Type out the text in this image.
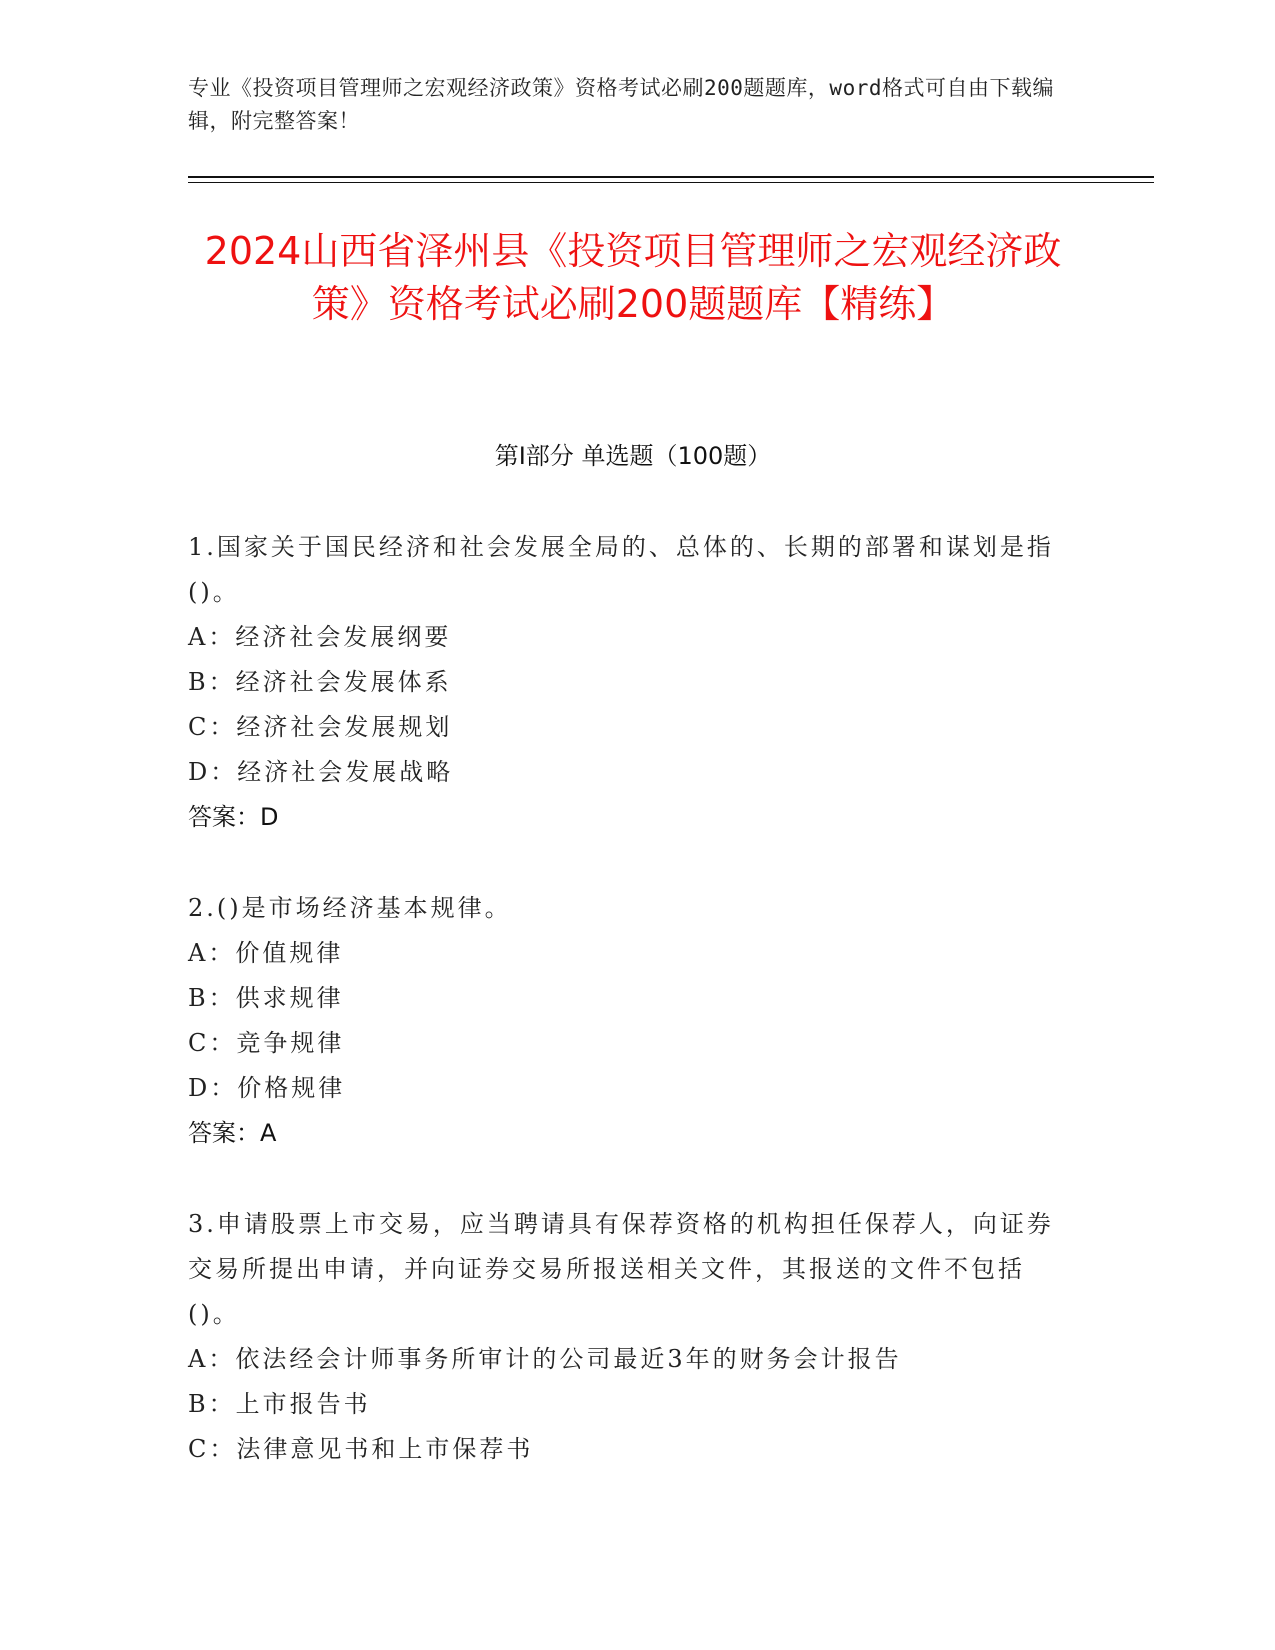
专业《投资项目管理师之宏观经济政策》资格考试必刷200题题库，word格式可自由下载编辑，附完整答案！
2024山西省泽州县《投资项目管理师之宏观经济政策》资格考试必刷200题题库【精练】
第Ⅰ部分 单选题（100题）
1.国家关于国民经济和社会发展全局的、总体的、长期的部署和谋划是指()。
A：经济社会发展纲要
B：经济社会发展体系
C：经济社会发展规划
D：经济社会发展战略
答案：D
2.()是市场经济基本规律。
A：价值规律
B：供求规律
C：竞争规律
D：价格规律
答案：A
3.申请股票上市交易，应当聘请具有保荐资格的机构担任保荐人，向证券交易所提出申请，并向证券交易所报送相关文件，其报送的文件不包括()。
A：依法经会计师事务所审计的公司最近3年的财务会计报告
B：上市报告书
C：法律意见书和上市保荐书
